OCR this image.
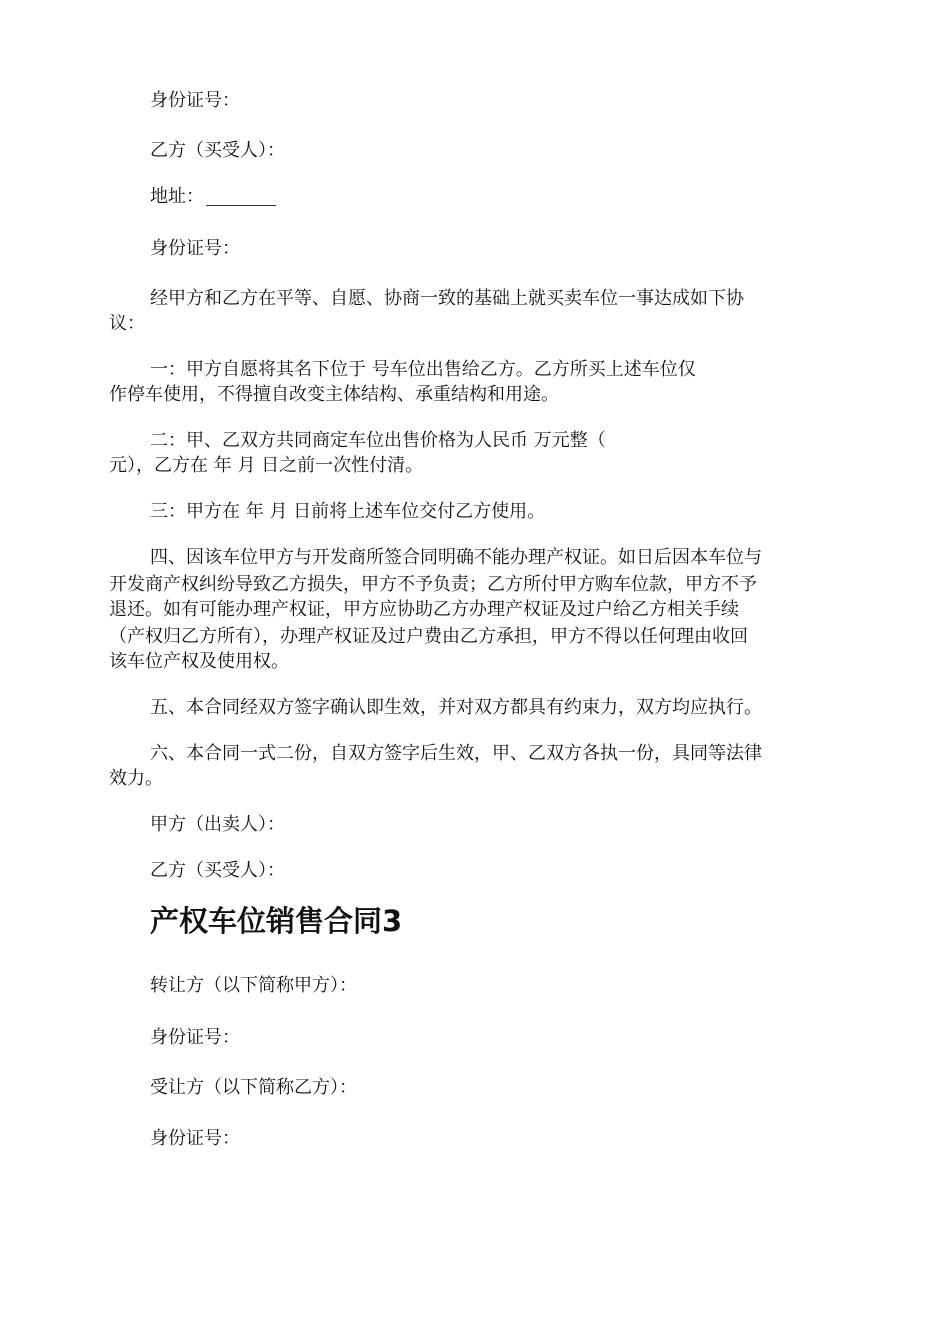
身份证号：

乙方（买受人）：

地址：

身份证号：

经甲方和乙方在平等、自愿、协商一致的基础上就买卖车位一事达成如下协

议：

一：甲方自愿将其名下位于 号车位出售给乙方。乙方所买上述车位仅

作停车使用，不得擅自改变主体结构、承重结构和用途。

二：甲、乙双方共同商定车位出售价格为人民币 万元整（

元），乙方在 年 月 日之前一次性付清。

三：甲方在 年 月 日前将上述车位交付乙方使用。

四、因该车位甲方与开发商所签合同明确不能办理产权证。如日后因本车位与

开发商产权纠纷导致乙方损失，甲方不予负责；乙方所付甲方购车位款，甲方不予

退还。如有可能办理产权证，甲方应协助乙方办理产权证及过户给乙方相关手续

（产权归乙方所有），办理产权证及过户费由乙方承担，甲方不得以任何理由收回

该车位产权及使用权。

五、本合同经双方签字确认即生效，并对双方都具有约束力，双方均应执行。

六、本合同一式二份，自双方签字后生效，甲、乙双方各执一份，具同等法律

效力。

甲方（出卖人）：

乙方（买受人）：

产权车位销售合同3

转让方（以下简称甲方）：

身份证号：

受让方（以下简称乙方）：

身份证号：
